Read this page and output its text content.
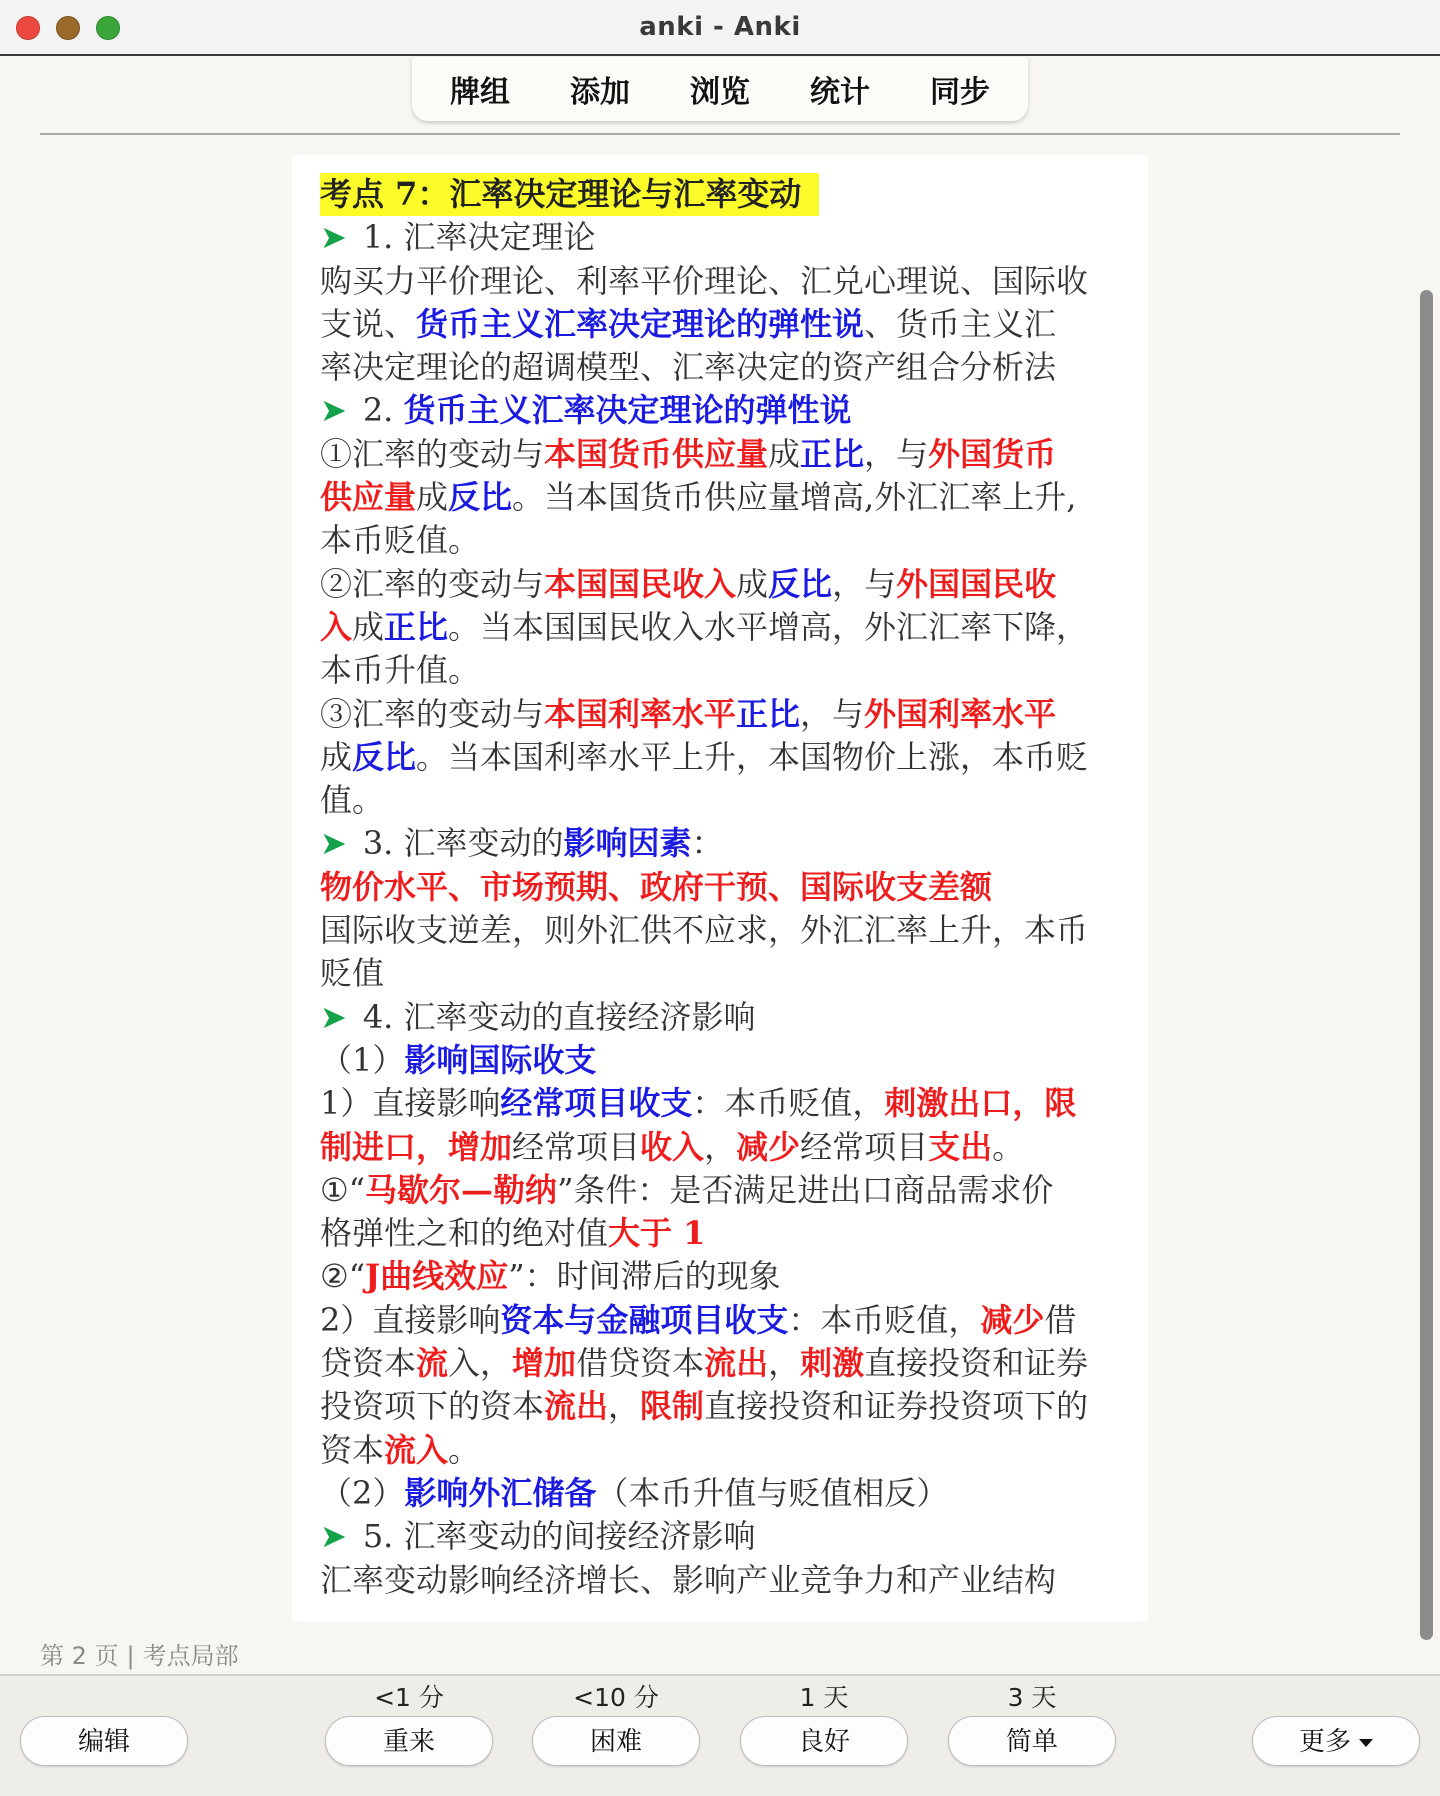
anki - Anki
牌组	添加	浏览	统计	同步
考点 7：汇率决定理论与汇率变动
➤ 1. 汇率决定理论
购买力平价理论、利率平价理论、汇兑心理说、国际收
支说、货币主义汇率决定理论的弹性说、货币主义汇
率决定理论的超调模型、汇率决定的资产组合分析法
➤ 2. 货币主义汇率决定理论的弹性说
①汇率的变动与本国货币供应量成正比，与外国货币
供应量成反比。当本国货币供应量增高,外汇汇率上升,
本币贬值。
②汇率的变动与本国国民收入成反比，与外国国民收
入成正比。当本国国民收入水平增高，外汇汇率下降，
本币升值。
③汇率的变动与本国利率水平正比，与外国利率水平
成反比。当本国利率水平上升，本国物价上涨，本币贬
值。
➤ 3. 汇率变动的影响因素：
物价水平、市场预期、政府干预、国际收支差额
国际收支逆差，则外汇供不应求，外汇汇率上升，本币
贬值
➤ 4. 汇率变动的直接经济影响
（1）影响国际收支
1）直接影响经常项目收支：本币贬值，刺激出口，限
制进口，增加经常项目收入，减少经常项目支出。
①“马歇尔—勒纳”条件：是否满足进出口商品需求价
格弹性之和的绝对值大于 1
②“J曲线效应”：时间滞后的现象
2）直接影响资本与金融项目收支：本币贬值，减少借
贷资本流入，增加借贷资本流出，刺激直接投资和证券
投资项下的资本流出，限制直接投资和证券投资项下的
资本流入。
（2）影响外汇储备（本币升值与贬值相反）
➤ 5. 汇率变动的间接经济影响
汇率变动影响经济增长、影响产业竞争力和产业结构
第 2 页 | 考点局部
<1 分	<10 分	1 天	3 天
编辑	重来	困难	良好	简单	更多
